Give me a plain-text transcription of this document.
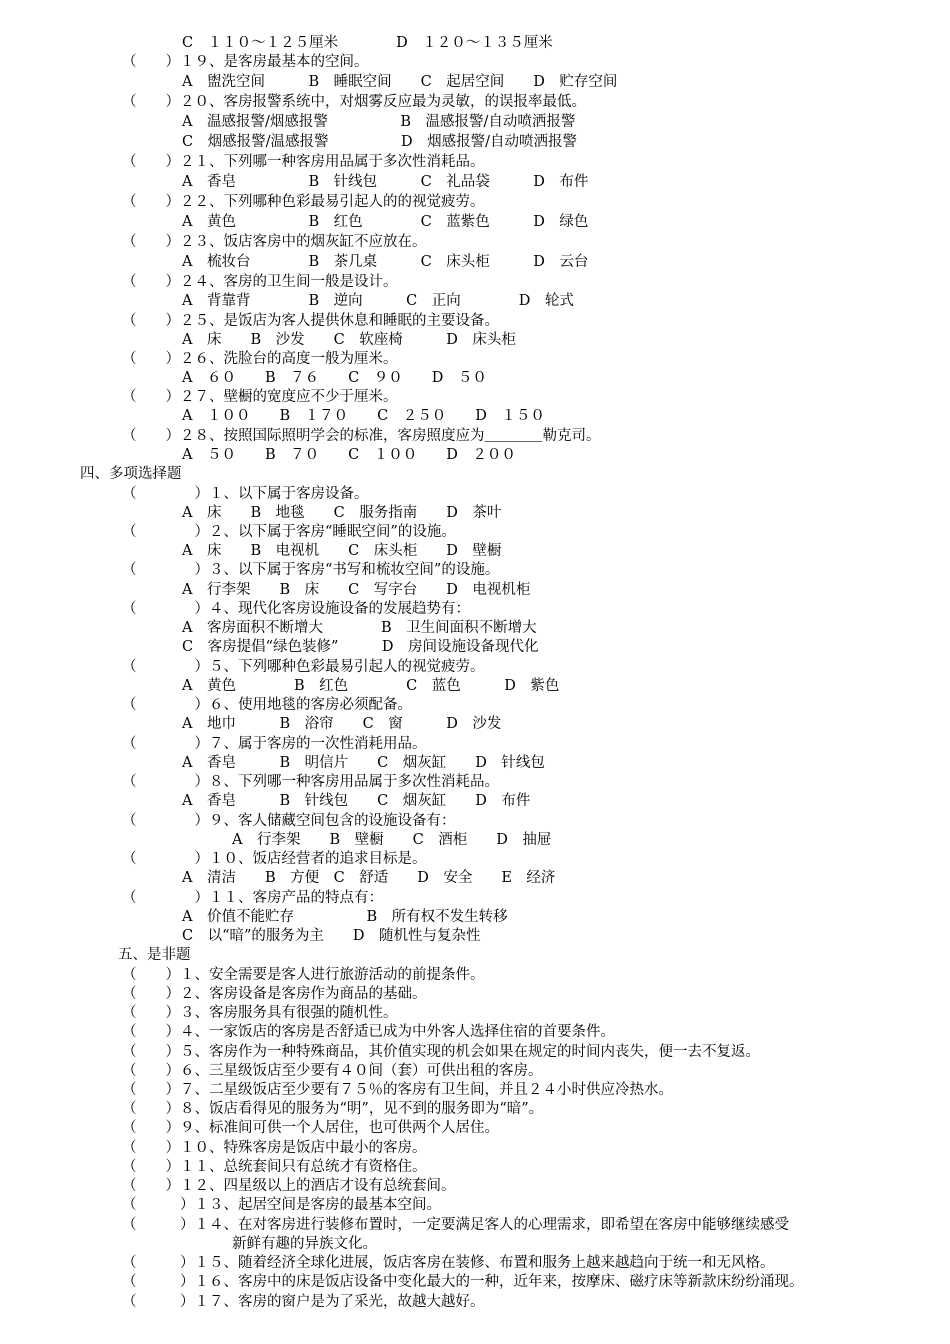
C　１１０～１２５厘米　　　　D　１２０～１３５厘米
（　　）１９、是客房最基本的空间。
A　盥洗空间　　　B　睡眠空间　　C　起居空间　　D　贮存空间
（　　）２０、客房报警系统中，对烟雾反应最为灵敏，的误报率最低。
A　温感报警/烟感报警　　　　　B　温感报警/自动喷洒报警
C　烟感报警/温感报警　　　　　D　烟感报警/自动喷洒报警
（　　）２１、下列哪一种客房用品属于多次性消耗品。
A　香皂　　　　　B　针线包　　　C　礼品袋　　　D　布件
（　　）２２、下列哪种色彩最易引起人的的视觉疲劳。
A　黄色　　　　　B　红色　　　　C　蓝紫色　　　D　绿色
（　　）２３、饭店客房中的烟灰缸不应放在。
A　梳妆台　　　　B　茶几桌　　　C　床头柜　　　D　云台
（　　）２４、客房的卫生间一般是设计。
A　背靠背　　　　B　逆向　　　C　正向　　　　D　轮式
（　　）２５、是饭店为客人提供休息和睡眠的主要设备。
A　床　　B　沙发　　C　软座椅　　　D　床头柜
（　　）２６、洗脸台的高度一般为厘米。
A　６０　　B　７６　　C　９０　　D　５０
（　　）２７、壁橱的宽度应不少于厘米。
A　１００　　B　１７０　　C　２５０　　D　１５０
（　　）２８、按照国际照明学会的标准，客房照度应为＿＿＿＿勒克司。
A　５０　　B　７０　　C　１００　　D　２００
四、多项选择题
（　　　　）１、以下属于客房设备。
A　床　　B　地毯　　C　服务指南　　D　茶叶
（　　　　）２、以下属于客房“睡眠空间”的设施。
A　床　　B　电视机　　C　床头柜　　D　壁橱
（　　　　）３、以下属于客房“书写和梳妆空间”的设施。
A　行李架　　B　床　　C　写字台　　D　电视机柜
（　　　　）４、现代化客房设施设备的发展趋势有：
A　客房面积不断增大　　　　B　卫生间面积不断增大
C　客房提倡“绿色装修”　　　D　房间设施设备现代化
（　　　　）５、下列哪种色彩最易引起人的视觉疲劳。
A　黄色　　　　B　红色　　　　C　蓝色　　　D　紫色
（　　　　）６、使用地毯的客房必须配备。
A　地巾　　　B　浴帘　　C　窗　　　D　沙发
（　　　　）７、属于客房的一次性消耗用品。
A　香皂　　　B　明信片　　C　烟灰缸　　D　针线包
（　　　　）８、下列哪一种客房用品属于多次性消耗品。
A　香皂　　　B　针线包　　C　烟灰缸　　D　布件
（　　　　）９、客人储藏空间包含的设施设备有：
A　行李架　　B　壁橱　　C　酒柜　　D　抽屉
（　　　　）１０、饭店经营者的追求目标是。
A　清洁　　B　方便　C　舒适　　D　安全　　E　经济
（　　　　）１１、客房产品的特点有：
A　价值不能贮存　　　　　B　所有权不发生转移
C　以“暗”的服务为主　　D　随机性与复杂性
五、是非题
（　　）１、安全需要是客人进行旅游活动的前提条件。
（　　）２、客房设备是客房作为商品的基础。
（　　）３、客房服务具有很强的随机性。
（　　）４、一家饭店的客房是否舒适已成为中外客人选择住宿的首要条件。
（　　）５、客房作为一种特殊商品，其价值实现的机会如果在规定的时间内丧失，便一去不复返。
（　　）６、三星级饭店至少要有４０间（套）可供出租的客房。
（　　）７、二星级饭店至少要有７５％的客房有卫生间，并且２４小时供应冷热水。
（　　）８、饭店看得见的服务为“明”，见不到的服务即为“暗”。
（　　）９、标准间可供一个人居住，也可供两个人居住。
（　　）１０、特殊客房是饭店中最小的客房。
（　　）１１、总统套间只有总统才有资格住。
（　　）１２、四星级以上的酒店才设有总统套间。
（　　　）１３、起居空间是客房的最基本空间。
（　　　）１４、在对客房进行装修布置时，一定要满足客人的心理需求，即希望在客房中能够继续感受
新鲜有趣的异族文化。
（　　　）１５、随着经济全球化进展，饭店客房在装修、布置和服务上越来越趋向于统一和无风格。
（　　　）１６、客房中的床是饭店设备中变化最大的一种，近年来，按摩床、磁疗床等新款床纷纷涌现。
（　　　）１７、客房的窗户是为了采光，故越大越好。
